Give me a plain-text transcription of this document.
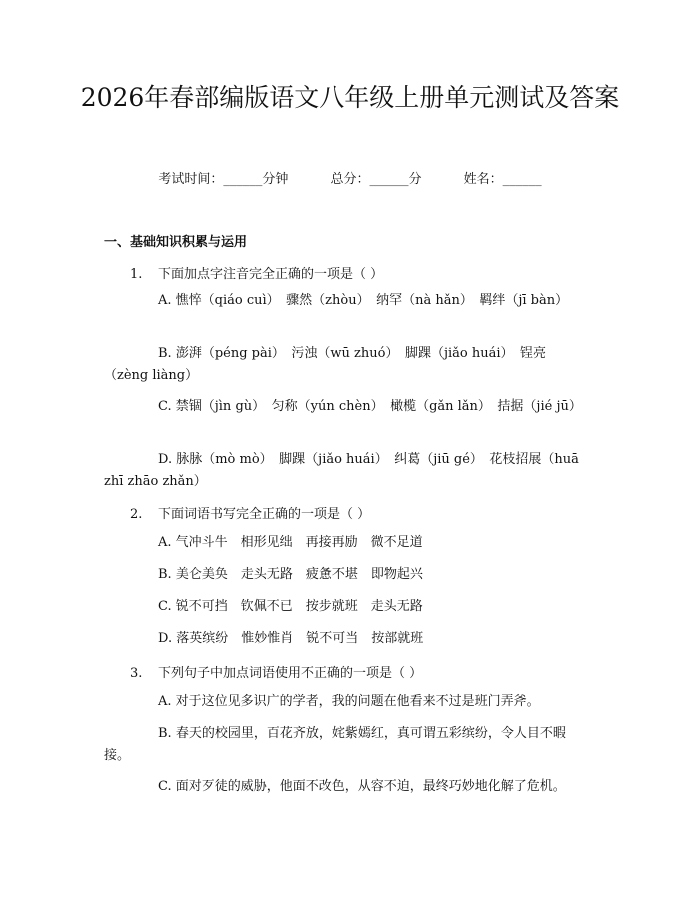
2026年春部编版语文八年级上册单元测试及答案
考试时间：______分钟	总分：______分	姓名：______
一、基础知识积累与运用
1. 下面加点字注音完全正确的一项是（ ）
A. 憔悴（qiáo cuì）　骤然（zhòu）　纳罕（nà hǎn）　羁绊（jī bàn）
B. 澎湃（péng pài）　污浊（wū zhuó）　脚踝（jiǎo huái）　锃亮（zèng liàng）
C. 禁锢（jìn gù）　匀称（yún chèn）　橄榄（gǎn lǎn）　拮据（jié jū）
D. 脉脉（mò mò）　脚踝（jiǎo huái）　纠葛（jiū gé）　花枝招展（huā zhī zhāo zhǎn）
2. 下面词语书写完全正确的一项是（ ）
A. 气冲斗牛　相形见绌　再接再励　微不足道
B. 美仑美奂　走头无路　疲惫不堪　即物起兴
C. 锐不可挡　钦佩不已　按步就班　走头无路
D. 落英缤纷　惟妙惟肖　锐不可当　按部就班
3. 下列句子中加点词语使用不正确的一项是（ ）
A. 对于这位见多识广的学者，我的问题在他看来不过是班门弄斧。
B. 春天的校园里，百花齐放，姹紫嫣红，真可谓五彩缤纷，令人目不暇接。
C. 面对歹徒的威胁，他面不改色，从容不迫，最终巧妙地化解了危机。
